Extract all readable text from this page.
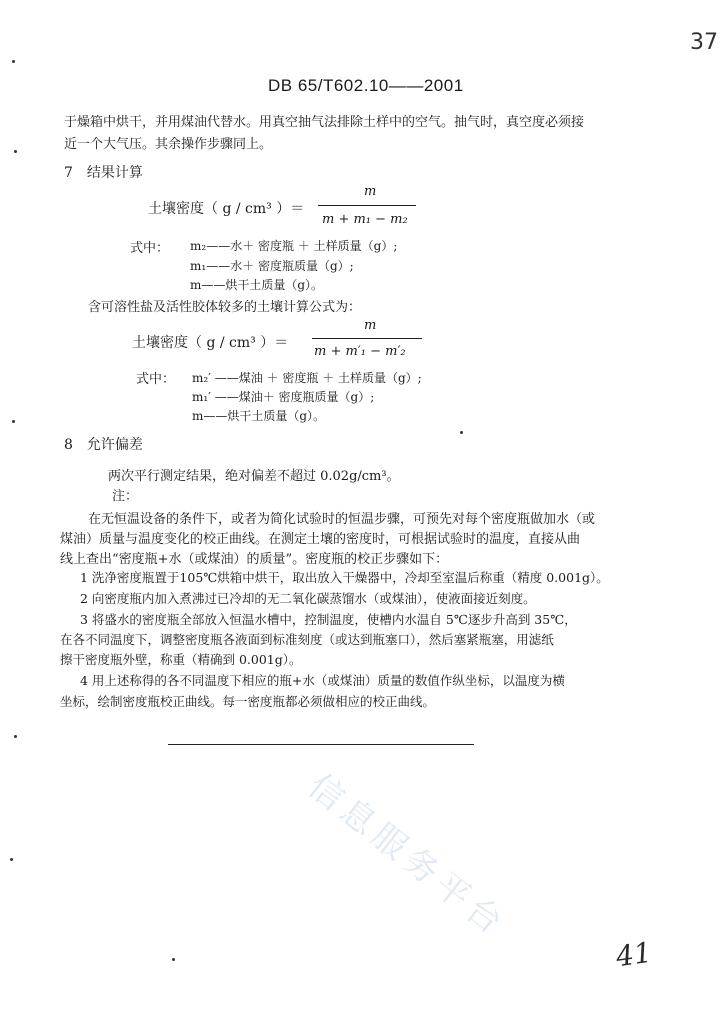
37
DB 65/T602.10——2001
于燥箱中烘干，并用煤油代替水。用真空抽气法排除土样中的空气。抽气时，真空度必须接
近一个大气压。其余操作步骤同上。
7　结果计算
土壤密度（ g / cm³ ）＝
m
m + m₁ − m₂
式中： m₂——水＋ 密度瓶 ＋ 土样质量（g）;
m₁——水＋ 密度瓶质量（g）;
m——烘干土质量（g）。
含可溶性盐及活性胶体较多的土壤计算公式为：
土壤密度（ g / cm³ ）＝
m
m + m′₁ − m′₂
式中： m₂′ ——煤油 ＋ 密度瓶 ＋ 土样质量（g）;
m₁′ ——煤油＋ 密度瓶质量（g）;
m——烘干土质量（g）。
8　允许偏差
两次平行测定结果，绝对偏差不超过 0.02g/cm³。
注：
在无恒温设备的条件下，或者为简化试验时的恒温步骤，可预先对每个密度瓶做加水（或
煤油）质量与温度变化的校正曲线。在测定土壤的密度时，可根据试验时的温度，直接从曲
线上查出“密度瓶+水（或煤油）的质量”。密度瓶的校正步骤如下：
1 洗净密度瓶置于105℃烘箱中烘干，取出放入干燥器中，冷却至室温后称重（精度 0.001g）。
2 向密度瓶内加入煮沸过已冷却的无二氧化碳蒸馏水（或煤油），使液面接近刻度。
3 将盛水的密度瓶全部放入恒温水槽中，控制温度，使槽内水温自 5℃逐步升高到 35℃，
在各不同温度下，调整密度瓶各液面到标准刻度（或达到瓶塞口），然后塞紧瓶塞，用滤纸
擦干密度瓶外壁，称重（精确到 0.001g）。
4 用上述称得的各不同温度下相应的瓶+水（或煤油）质量的数值作纵坐标，以温度为横
坐标，绘制密度瓶校正曲线。每一密度瓶都必须做相应的校正曲线。
信息服务平台
41
